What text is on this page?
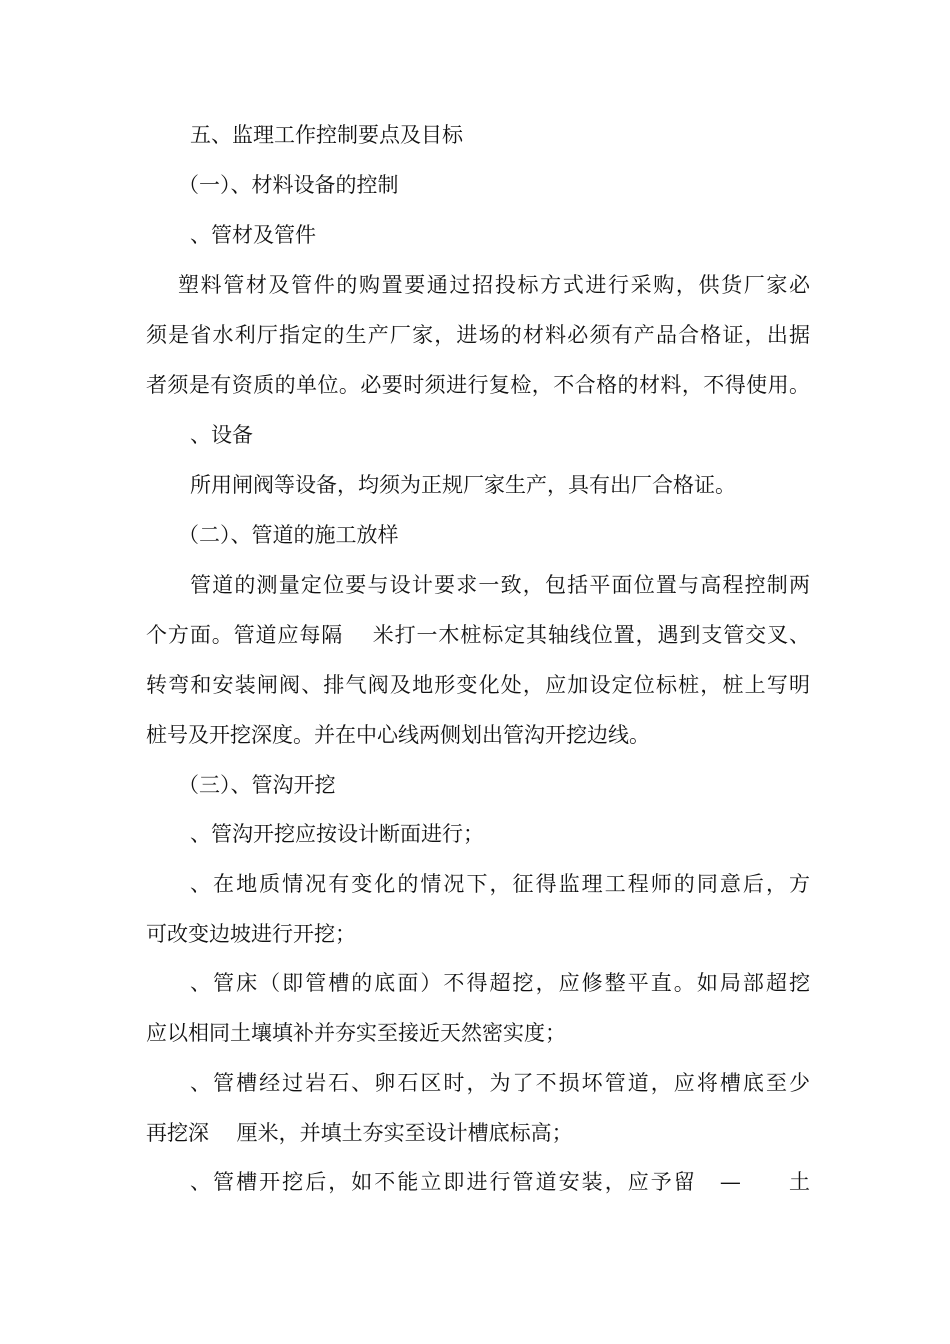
五、监理工作控制要点及目标
（一）、材料设备的控制
、管材及管件
塑料管材及管件的购置要通过招投标方式进行采购，供货厂家必
须是省水利厅指定的生产厂家，进场的材料必须有产品合格证，出据
者须是有资质的单位。必要时须进行复检，不合格的材料，不得使用。
、设备
所用闸阀等设备，均须为正规厂家生产，具有出厂合格证。
（二）、管道的施工放样
管道的测量定位要与设计要求一致，包括平面位置与高程控制两
个方面。管道应每隔　 米打一木桩标定其轴线位置，遇到支管交叉、
转弯和安装闸阀、排气阀及地形变化处，应加设定位标桩，桩上写明
桩号及开挖深度。并在中心线两侧划出管沟开挖边线。
（三）、管沟开挖
、管沟开挖应按设计断面进行；
、在地质情况有变化的情况下，征得监理工程师的同意后，方
可改变边坡进行开挖；
、管床（即管槽的底面）不得超挖，应修整平直。如局部超挖
应以相同土壤填补并夯实至接近天然密实度；
、管槽经过岩石、卵石区时，为了不损坏管道，应将槽底至少
再挖深　 厘米，并填土夯实至设计槽底标高；
、管槽开挖后，如不能立即进行管道安装，应予留　—　　土
